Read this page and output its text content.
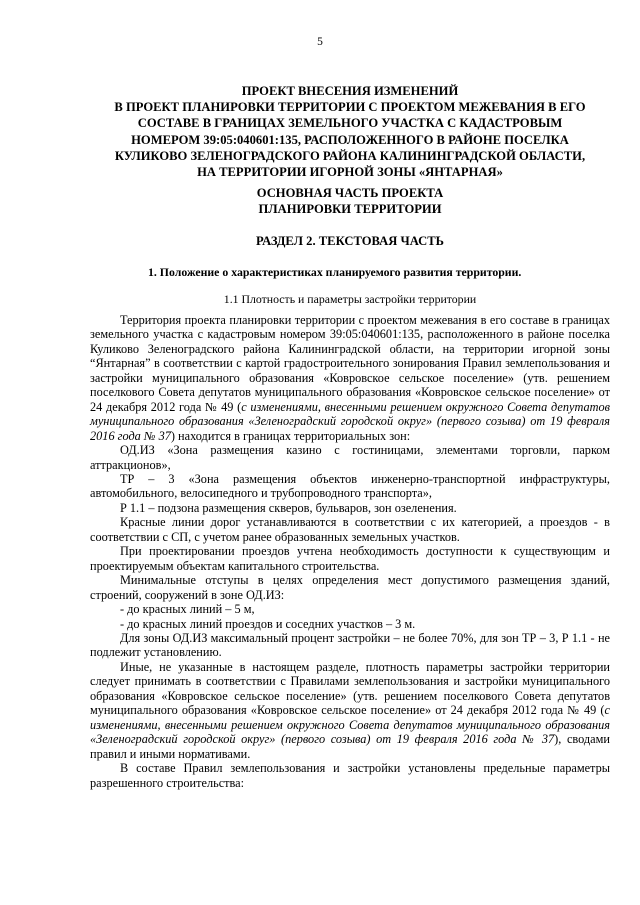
5
ПРОЕКТ ВНЕСЕНИЯ ИЗМЕНЕНИЙ
В ПРОЕКТ ПЛАНИРОВКИ ТЕРРИТОРИИ С ПРОЕКТОМ МЕЖЕВАНИЯ В ЕГО
СОСТАВЕ В ГРАНИЦАХ ЗЕМЕЛЬНОГО УЧАСТКА С КАДАСТРОВЫМ
НОМЕРОМ 39:05:040601:135, РАСПОЛОЖЕННОГО В РАЙОНЕ ПОСЕЛКА
КУЛИКОВО ЗЕЛЕНОГРАДСКОГО РАЙОНА КАЛИНИНГРАДСКОЙ ОБЛАСТИ,
НА ТЕРРИТОРИИ ИГОРНОЙ ЗОНЫ «ЯНТАРНАЯ»
ОСНОВНАЯ ЧАСТЬ ПРОЕКТА
ПЛАНИРОВКИ ТЕРРИТОРИИ
РАЗДЕЛ 2. ТЕКСТОВАЯ ЧАСТЬ
1. Положение о характеристиках планируемого развития территории.
1.1 Плотность и параметры застройки территории

Территория проекта планировки территории с проектом межевания в его составе в границах земельного участка с кадастровым номером 39:05:040601:135, расположенного в районе поселка Куликово Зеленоградского района Калининградской области, на территории игорной зоны “Янтарная” в соответствии с картой градостроительного зонирования Правил землепользования и застройки муниципального образования «Ковровское сельское поселение» (утв. решением поселкового Совета депутатов муниципального образования «Ковровское сельское поселение» от 24 декабря 2012 года № 49 (с изменениями, внесенными решением окружного Совета депутатов муниципального образования «Зеленоградский городской округ» (первого созыва) от 19 февраля 2016 года № 37) находится в границах территориальных зон:

ОД.ИЗ «Зона размещения казино с гостиницами, элементами торговли, парком аттракционов»,

ТР – 3 «Зона размещения объектов инженерно-транспортной инфраструктуры, автомобильного, велосипедного и трубопроводного транспорта»,

Р 1.1 – подзона размещения скверов, бульваров, зон озеленения.

Красные линии дорог устанавливаются в соответствии с их категорией, а проездов - в соответствии с СП, с учетом ранее образованных земельных участков.

При проектировании проездов учтена необходимость доступности к существующим и проектируемым объектам капитального строительства.

Минимальные отступы в целях определения мест допустимого размещения зданий, строений, сооружений в зоне ОД.ИЗ:

- до красных линий – 5 м,

- до красных линий проездов и соседних участков – 3 м.

Для зоны ОД.ИЗ максимальный процент застройки – не более 70%, для зон ТР – 3, Р 1.1 - не подлежит установлению.

Иные, не указанные в настоящем разделе, плотность параметры застройки территории следует принимать в соответствии с Правилами землепользования и застройки муниципального образования «Ковровское сельское поселение» (утв. решением поселкового Совета депутатов муниципального образования «Ковровское сельское поселение» от 24 декабря 2012 года № 49 (с изменениями, внесенными решением окружного Совета депутатов муниципального образования «Зеленоградский городской округ» (первого созыва) от 19 февраля 2016 года № 37), сводами правил и иными нормативами.

В составе Правил землепользования и застройки установлены предельные параметры разрешенного строительства:
